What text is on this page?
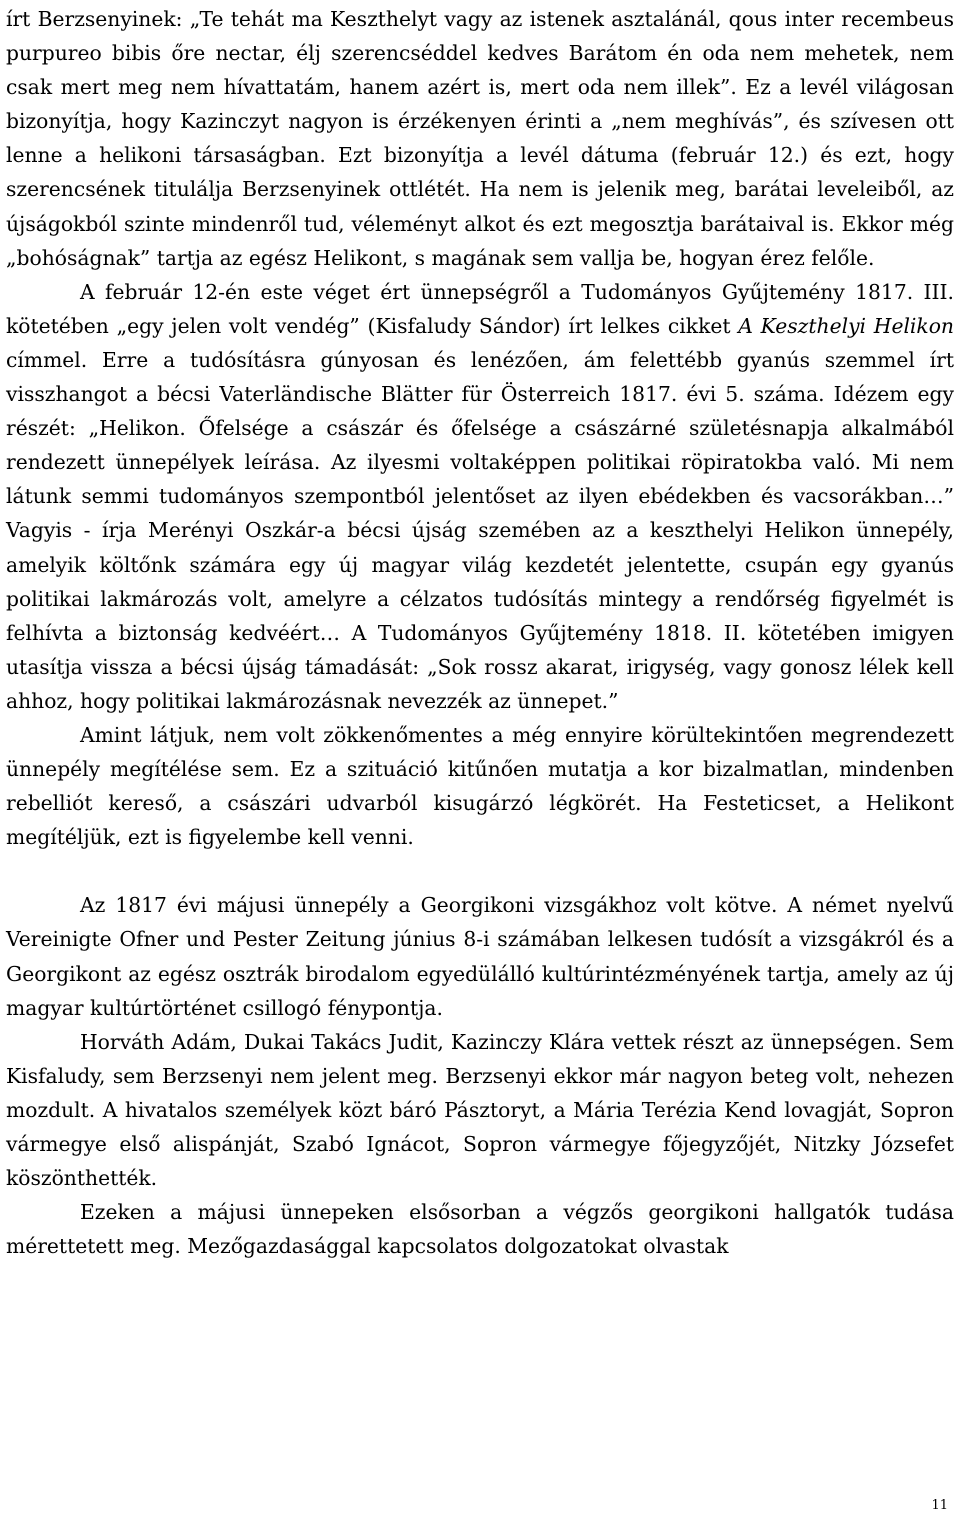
írt Berzsenyinek: „Te tehát ma Keszthelyt vagy az istenek asztalánál, qous inter recembeus purpureo bibis őre nectar, élj szerencséddel kedves Barátom én oda nem mehetek, nem csak mert meg nem hívattatám, hanem azért is, mert oda nem illek”. Ez a levél világosan bizonyítja, hogy Kazinczyt nagyon is érzékenyen érinti a „nem meghívás”, és szívesen ott lenne a helikoni társaságban. Ezt bizonyítja a levél dátuma (február 12.) és ezt, hogy szerencsének titulálja Berzsenyinek ottlétét. Ha nem is jelenik meg, barátai leveleiből, az újságokból szinte mindenről tud, véleményt alkot és ezt megosztja barátaival is. Ekkor még „bohóságnak” tartja az egész Helikont, s magának sem vallja be, hogyan érez felőle.

A február 12-én este véget ért ünnepségről a Tudományos Gyűjtemény 1817. III. kötetében „egy jelen volt vendég” (Kisfaludy Sándor) írt lelkes cikket A Keszthelyi Helikon címmel. Erre a tudósításra gúnyosan és lenézően, ám felettébb gyanús szemmel írt visszhangot a bécsi Vaterländische Blätter für Österreich 1817. évi 5. száma. Idézem egy részét: „Helikon. Őfelsége a császár és őfelsége a császárné születésnapja alkalmából rendezett ünnepélyek leírása. Az ilyesmi voltaképpen politikai röpiratokba való. Mi nem látunk semmi tudományos szempontból jelentőset az ilyen ebédekben és vacsorákban…” Vagyis - írja Merényi Oszkár-a bécsi újság szemében az a keszthelyi Helikon ünnepély, amelyik költőnk számára egy új magyar világ kezdetét jelentette, csupán egy gyanús politikai lakmározás volt, amelyre a célzatos tudósítás mintegy a rendőrség figyelmét is felhívta a biztonság kedvéért… A Tudományos Gyűjtemény 1818. II. kötetében imigyen utasítja vissza a bécsi újság támadását: „Sok rossz akarat, irigység, vagy gonosz lélek kell ahhoz, hogy politikai lakmározásnak nevezzék az ünnepet.”

Amint látjuk, nem volt zökkenőmentes a még ennyire körültekintően megrendezett ünnepély megítélése sem. Ez a szituáció kitűnően mutatja a kor bizalmatlan, mindenben rebelliót kereső, a császári udvarból kisugárzó légkörét. Ha Festeticset, a Helikont megítéljük, ezt is figyelembe kell venni.

Az 1817 évi májusi ünnepély a Georgikoni vizsgákhoz volt kötve. A német nyelvű Vereinigte Ofner und Pester Zeitung június 8-i számában lelkesen tudósít a vizsgákról és a Georgikont az egész osztrák birodalom egyedülálló kultúrintézményének tartja, amely az új magyar kultúrtörténet csillogó fénypontja.

Horváth Adám, Dukai Takács Judit, Kazinczy Klára vettek részt az ünnepségen. Sem Kisfaludy, sem Berzsenyi nem jelent meg. Berzsenyi ekkor már nagyon beteg volt, nehezen mozdult. A hivatalos személyek közt báró Pásztoryt, a Mária Terézia Kend lovagját, Sopron vármegye első alispánját, Szabó Ignácot, Sopron vármegye főjegyzőjét, Nitzky Józsefet köszönthették.

Ezeken a májusi ünnepeken elsősorban a végzős georgikoni hallgatók tudása mérettetett meg. Mezőgazdasággal kapcsolatos dolgozatokat olvastak

11
